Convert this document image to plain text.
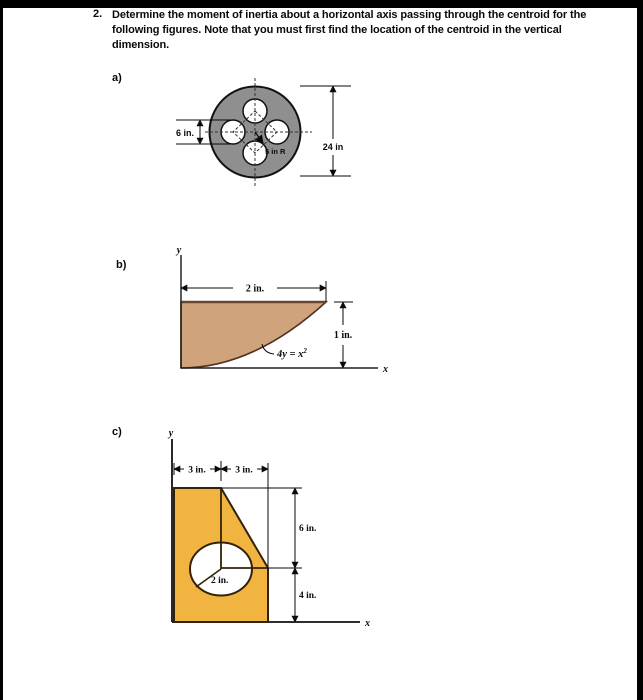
2. Determine the moment of inertia about a horizontal axis passing through the centroid for the
following figures. Note that you must first find the location of the centroid in the vertical
dimension.
a)
b)
c)
6 in.
24 in
5 in R
y
x
2 in.
1 in.
$4y = x^2$
y
x
2 in.
3 in.	3 in.
6 in.
4 in.
